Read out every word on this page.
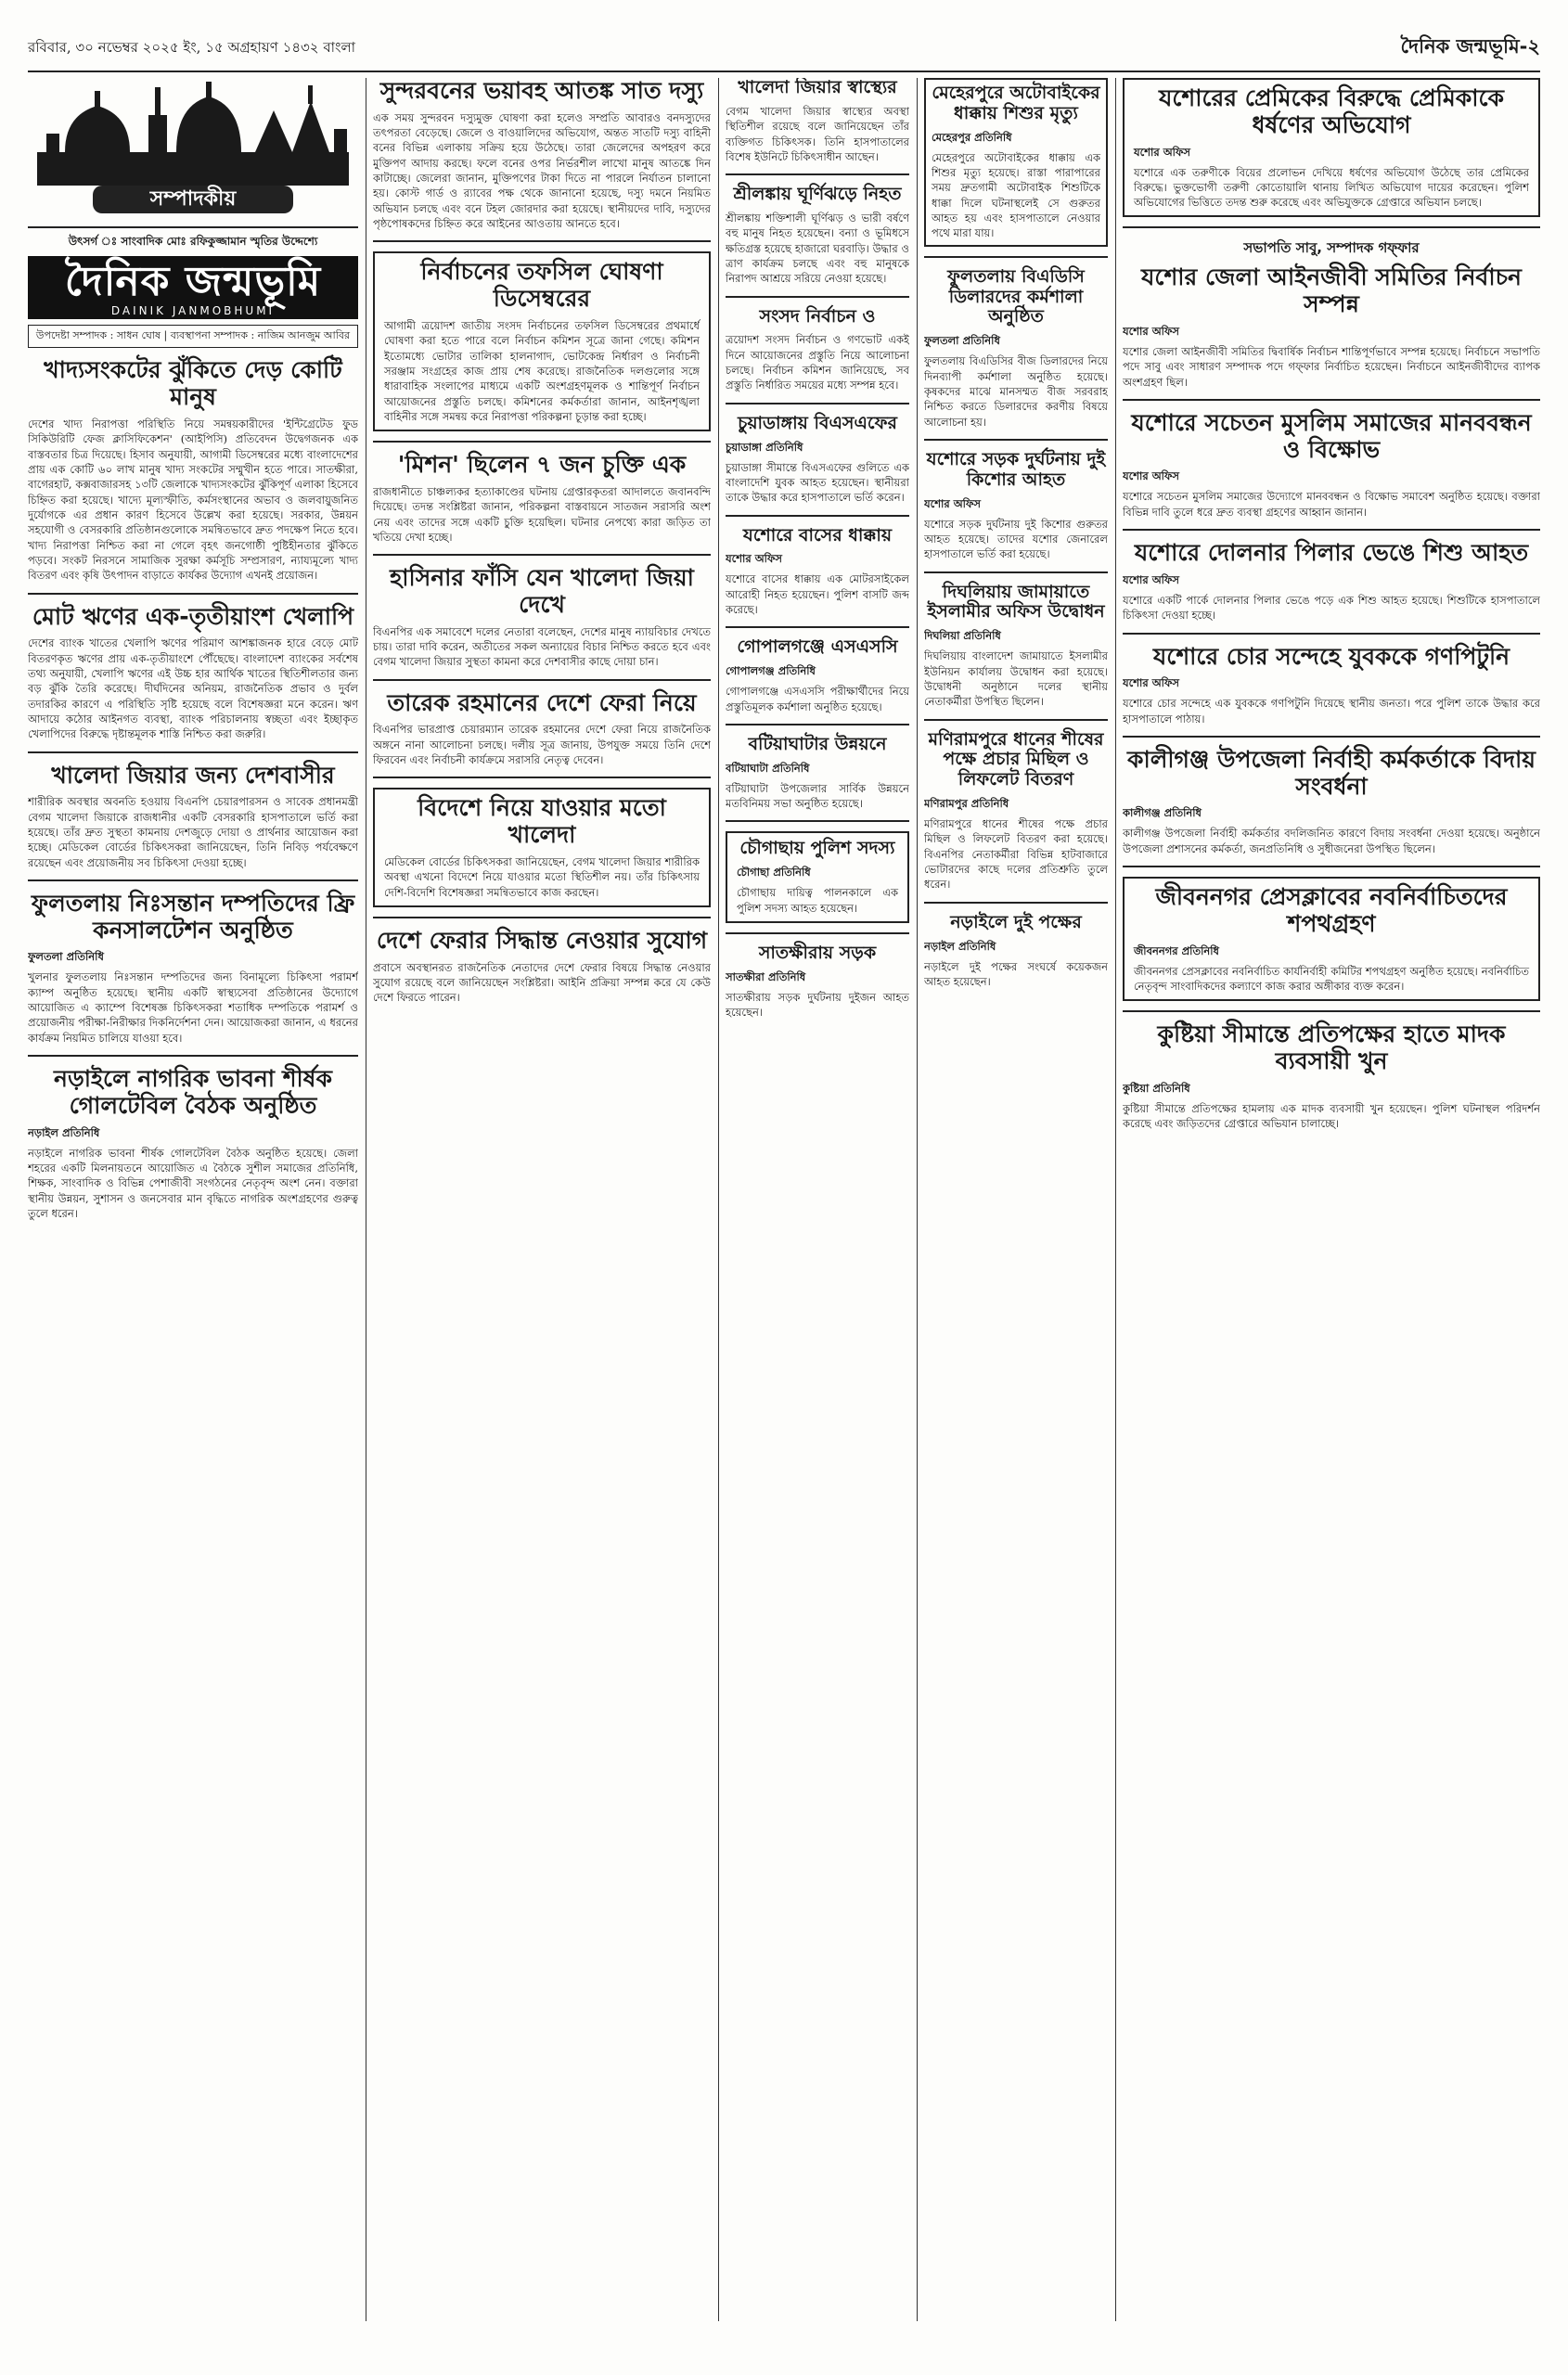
রবিবার, ৩০ নভেম্বর ২০২৫ ইং, ১৫ অগ্রহায়ণ ১৪৩২ বাংলা	দৈনিক জন্মভূমি-২
সম্পাদকীয়
উৎসর্গ ঃ সাংবাদিক মোঃ রফিকুজ্জামান স্মৃতির উদ্দেশ্যে
দৈনিক জন্মভূমি
DAINIK JANMOBHUMI
উপদেষ্টা সম্পাদক : সাধন ঘোষ | ব্যবস্থাপনা সম্পাদক : নাজিম আনজুম আবির
খাদ্যসংকটের ঝুঁকিতে দেড় কোটি মানুষ

দেশের খাদ্য নিরাপত্তা পরিস্থিতি নিয়ে সমন্বয়কারীদের 'ইন্টিগ্রেটেড ফুড সিকিউরিটি ফেজ ক্লাসিফিকেশন' (আইপিসি) প্রতিবেদন উদ্বেগজনক এক বাস্তবতার চিত্র দিয়েছে। হিসাব অনুযায়ী, আগামী ডিসেম্বরের মধ্যে বাংলাদেশের প্রায় এক কোটি ৬০ লাখ মানুষ খাদ্য সংকটের সম্মুখীন হতে পারে। সাতক্ষীরা, বাগেরহাট, কক্সবাজারসহ ১৩টি জেলাকে খাদ্যসংকটের ঝুঁকিপূর্ণ এলাকা হিসেবে চিহ্নিত করা হয়েছে। খাদ্যে মূল্যস্ফীতি, কর্মসংস্থানের অভাব ও জলবায়ুজনিত দুর্যোগকে এর প্রধান কারণ হিসেবে উল্লেখ করা হয়েছে। সরকার, উন্নয়ন সহযোগী ও বেসরকারি প্রতিষ্ঠানগুলোকে সমন্বিতভাবে দ্রুত পদক্ষেপ নিতে হবে। খাদ্য নিরাপত্তা নিশ্চিত করা না গেলে বৃহৎ জনগোষ্ঠী পুষ্টিহীনতার ঝুঁকিতে পড়বে। সংকট নিরসনে সামাজিক সুরক্ষা কর্মসূচি সম্প্রসারণ, ন্যায্যমূল্যে খাদ্য বিতরণ এবং কৃষি উৎপাদন বাড়াতে কার্যকর উদ্যোগ এখনই প্রয়োজন।

মোট ঋণের এক-তৃতীয়াংশ খেলাপি

দেশের ব্যাংক খাতের খেলাপি ঋণের পরিমাণ আশঙ্কাজনক হারে বেড়ে মোট বিতরণকৃত ঋণের প্রায় এক-তৃতীয়াংশে পৌঁছেছে। বাংলাদেশ ব্যাংকের সর্বশেষ তথ্য অনুযায়ী, খেলাপি ঋণের এই উচ্চ হার আর্থিক খাতের স্থিতিশীলতার জন্য বড় ঝুঁকি তৈরি করেছে। দীর্ঘদিনের অনিয়ম, রাজনৈতিক প্রভাব ও দুর্বল তদারকির কারণে এ পরিস্থিতি সৃষ্টি হয়েছে বলে বিশেষজ্ঞরা মনে করেন। ঋণ আদায়ে কঠোর আইনগত ব্যবস্থা, ব্যাংক পরিচালনায় স্বচ্ছতা এবং ইচ্ছাকৃত খেলাপিদের বিরুদ্ধে দৃষ্টান্তমূলক শাস্তি নিশ্চিত করা জরুরি।

খালেদা জিয়ার জন্য দেশবাসীর

শারীরিক অবস্থার অবনতি হওয়ায় বিএনপি চেয়ারপারসন ও সাবেক প্রধানমন্ত্রী বেগম খালেদা জিয়াকে রাজধানীর একটি বেসরকারি হাসপাতালে ভর্তি করা হয়েছে। তাঁর দ্রুত সুস্থতা কামনায় দেশজুড়ে দোয়া ও প্রার্থনার আয়োজন করা হচ্ছে। মেডিকেল বোর্ডের চিকিৎসকরা জানিয়েছেন, তিনি নিবিড় পর্যবেক্ষণে রয়েছেন এবং প্রয়োজনীয় সব চিকিৎসা দেওয়া হচ্ছে।

ফুলতলায় নিঃসন্তান দম্পতিদের ফ্রি কনসালটেশন অনুষ্ঠিত

ফুলতলা প্রতিনিধি

খুলনার ফুলতলায় নিঃসন্তান দম্পতিদের জন্য বিনামূল্যে চিকিৎসা পরামর্শ ক্যাম্প অনুষ্ঠিত হয়েছে। স্থানীয় একটি স্বাস্থ্যসেবা প্রতিষ্ঠানের উদ্যোগে আয়োজিত এ ক্যাম্পে বিশেষজ্ঞ চিকিৎসকরা শতাধিক দম্পতিকে পরামর্শ ও প্রয়োজনীয় পরীক্ষা-নিরীক্ষার দিকনির্দেশনা দেন। আয়োজকরা জানান, এ ধরনের কার্যক্রম নিয়মিত চালিয়ে যাওয়া হবে।

নড়াইলে নাগরিক ভাবনা শীর্ষক গোলটেবিল বৈঠক অনুষ্ঠিত

নড়াইল প্রতিনিধি

নড়াইলে নাগরিক ভাবনা শীর্ষক গোলটেবিল বৈঠক অনুষ্ঠিত হয়েছে। জেলা শহরের একটি মিলনায়তনে আয়োজিত এ বৈঠকে সুশীল সমাজের প্রতিনিধি, শিক্ষক, সাংবাদিক ও বিভিন্ন পেশাজীবী সংগঠনের নেতৃবৃন্দ অংশ নেন। বক্তারা স্থানীয় উন্নয়ন, সুশাসন ও জনসেবার মান বৃদ্ধিতে নাগরিক অংশগ্রহণের গুরুত্ব তুলে ধরেন।

সুন্দরবনের ভয়াবহ আতঙ্ক সাত দস্যু

এক সময় সুন্দরবন দস্যুমুক্ত ঘোষণা করা হলেও সম্প্রতি আবারও বনদস্যুদের তৎপরতা বেড়েছে। জেলে ও বাওয়ালিদের অভিযোগ, অন্তত সাতটি দস্যু বাহিনী বনের বিভিন্ন এলাকায় সক্রিয় হয়ে উঠেছে। তারা জেলেদের অপহরণ করে মুক্তিপণ আদায় করছে। ফলে বনের ওপর নির্ভরশীল লাখো মানুষ আতঙ্কে দিন কাটাচ্ছে। জেলেরা জানান, মুক্তিপণের টাকা দিতে না পারলে নির্যাতন চালানো হয়। কোস্ট গার্ড ও র‍্যাবের পক্ষ থেকে জানানো হয়েছে, দস্যু দমনে নিয়মিত অভিযান চলছে এবং বনে টহল জোরদার করা হয়েছে। স্থানীয়দের দাবি, দস্যুদের পৃষ্ঠপোষকদের চিহ্নিত করে আইনের আওতায় আনতে হবে।

নির্বাচনের তফসিল ঘোষণা ডিসেম্বরের

আগামী ত্রয়োদশ জাতীয় সংসদ নির্বাচনের তফসিল ডিসেম্বরের প্রথমার্ধে ঘোষণা করা হতে পারে বলে নির্বাচন কমিশন সূত্রে জানা গেছে। কমিশন ইতোমধ্যে ভোটার তালিকা হালনাগাদ, ভোটকেন্দ্র নির্ধারণ ও নির্বাচনী সরঞ্জাম সংগ্রহের কাজ প্রায় শেষ করেছে। রাজনৈতিক দলগুলোর সঙ্গে ধারাবাহিক সংলাপের মাধ্যমে একটি অংশগ্রহণমূলক ও শান্তিপূর্ণ নির্বাচন আয়োজনের প্রস্তুতি চলছে। কমিশনের কর্মকর্তারা জানান, আইনশৃঙ্খলা বাহিনীর সঙ্গে সমন্বয় করে নিরাপত্তা পরিকল্পনা চূড়ান্ত করা হচ্ছে।

'মিশন' ছিলেন ৭ জন চুক্তি এক

রাজধানীতে চাঞ্চল্যকর হত্যাকাণ্ডের ঘটনায় গ্রেপ্তারকৃতরা আদালতে জবানবন্দি দিয়েছে। তদন্ত সংশ্লিষ্টরা জানান, পরিকল্পনা বাস্তবায়নে সাতজন সরাসরি অংশ নেয় এবং তাদের সঙ্গে একটি চুক্তি হয়েছিল। ঘটনার নেপথ্যে কারা জড়িত তা খতিয়ে দেখা হচ্ছে।

হাসিনার ফাঁসি যেন খালেদা জিয়া দেখে

বিএনপির এক সমাবেশে দলের নেতারা বলেছেন, দেশের মানুষ ন্যায়বিচার দেখতে চায়। তারা দাবি করেন, অতীতের সকল অন্যায়ের বিচার নিশ্চিত করতে হবে এবং বেগম খালেদা জিয়ার সুস্থতা কামনা করে দেশবাসীর কাছে দোয়া চান।

তারেক রহমানের দেশে ফেরা নিয়ে

বিএনপির ভারপ্রাপ্ত চেয়ারম্যান তারেক রহমানের দেশে ফেরা নিয়ে রাজনৈতিক অঙ্গনে নানা আলোচনা চলছে। দলীয় সূত্র জানায়, উপযুক্ত সময়ে তিনি দেশে ফিরবেন এবং নির্বাচনী কার্যক্রমে সরাসরি নেতৃত্ব দেবেন।

বিদেশে নিয়ে যাওয়ার মতো খালেদা

মেডিকেল বোর্ডের চিকিৎসকরা জানিয়েছেন, বেগম খালেদা জিয়ার শারীরিক অবস্থা এখনো বিদেশে নিয়ে যাওয়ার মতো স্থিতিশীল নয়। তাঁর চিকিৎসায় দেশি-বিদেশি বিশেষজ্ঞরা সমন্বিতভাবে কাজ করছেন।

দেশে ফেরার সিদ্ধান্ত নেওয়ার সুযোগ

প্রবাসে অবস্থানরত রাজনৈতিক নেতাদের দেশে ফেরার বিষয়ে সিদ্ধান্ত নেওয়ার সুযোগ রয়েছে বলে জানিয়েছেন সংশ্লিষ্টরা। আইনি প্রক্রিয়া সম্পন্ন করে যে কেউ দেশে ফিরতে পারেন।

খালেদা জিয়ার স্বাস্থ্যের

বেগম খালেদা জিয়ার স্বাস্থ্যের অবস্থা স্থিতিশীল রয়েছে বলে জানিয়েছেন তাঁর ব্যক্তিগত চিকিৎসক। তিনি হাসপাতালের বিশেষ ইউনিটে চিকিৎসাধীন আছেন।

শ্রীলঙ্কায় ঘূর্ণিঝড়ে নিহত

শ্রীলঙ্কায় শক্তিশালী ঘূর্ণিঝড় ও ভারী বর্ষণে বহু মানুষ নিহত হয়েছেন। বন্যা ও ভূমিধসে ক্ষতিগ্রস্ত হয়েছে হাজারো ঘরবাড়ি। উদ্ধার ও ত্রাণ কার্যক্রম চলছে এবং বহু মানুষকে নিরাপদ আশ্রয়ে সরিয়ে নেওয়া হয়েছে।

সংসদ নির্বাচন ও

ত্রয়োদশ সংসদ নির্বাচন ও গণভোট একই দিনে আয়োজনের প্রস্তুতি নিয়ে আলোচনা চলছে। নির্বাচন কমিশন জানিয়েছে, সব প্রস্তুতি নির্ধারিত সময়ের মধ্যে সম্পন্ন হবে।

চুয়াডাঙ্গায় বিএসএফের

চুয়াডাঙ্গা প্রতিনিধি

চুয়াডাঙ্গা সীমান্তে বিএসএফের গুলিতে এক বাংলাদেশি যুবক আহত হয়েছেন। স্থানীয়রা তাকে উদ্ধার করে হাসপাতালে ভর্তি করেন।

যশোরে বাসের ধাক্কায়

যশোর অফিস

যশোরে বাসের ধাক্কায় এক মোটরসাইকেল আরোহী নিহত হয়েছেন। পুলিশ বাসটি জব্দ করেছে।

গোপালগঞ্জে এসএসসি

গোপালগঞ্জ প্রতিনিধি

গোপালগঞ্জে এসএসসি পরীক্ষার্থীদের নিয়ে প্রস্তুতিমূলক কর্মশালা অনুষ্ঠিত হয়েছে।

বটিয়াঘাটার উন্নয়নে

বটিয়াঘাটা প্রতিনিধি

বটিয়াঘাটা উপজেলার সার্বিক উন্নয়নে মতবিনিময় সভা অনুষ্ঠিত হয়েছে।

চৌগাছায় পুলিশ সদস্য

চৌগাছা প্রতিনিধি

চৌগাছায় দায়িত্ব পালনকালে এক পুলিশ সদস্য আহত হয়েছেন।

সাতক্ষীরায় সড়ক

সাতক্ষীরা প্রতিনিধি

সাতক্ষীরায় সড়ক দুর্ঘটনায় দুইজন আহত হয়েছেন।

মেহেরপুরে অটোবাইকের ধাক্কায় শিশুর মৃত্যু

মেহেরপুর প্রতিনিধি

মেহেরপুরে অটোবাইকের ধাক্কায় এক শিশুর মৃত্যু হয়েছে। রাস্তা পারাপারের সময় দ্রুতগামী অটোবাইক শিশুটিকে ধাক্কা দিলে ঘটনাস্থলেই সে গুরুতর আহত হয় এবং হাসপাতালে নেওয়ার পথে মারা যায়।

ফুলতলায় বিএডিসি ডিলারদের কর্মশালা অনুষ্ঠিত

ফুলতলা প্রতিনিধি

ফুলতলায় বিএডিসির বীজ ডিলারদের নিয়ে দিনব্যাপী কর্মশালা অনুষ্ঠিত হয়েছে। কৃষকদের মাঝে মানসম্মত বীজ সরবরাহ নিশ্চিত করতে ডিলারদের করণীয় বিষয়ে আলোচনা হয়।

যশোরে সড়ক দুর্ঘটনায় দুই কিশোর আহত

যশোর অফিস

যশোরে সড়ক দুর্ঘটনায় দুই কিশোর গুরুতর আহত হয়েছে। তাদের যশোর জেনারেল হাসপাতালে ভর্তি করা হয়েছে।

দিঘলিয়ায় জামায়াতে ইসলামীর অফিস উদ্বোধন

দিঘলিয়া প্রতিনিধি

দিঘলিয়ায় বাংলাদেশ জামায়াতে ইসলামীর ইউনিয়ন কার্যালয় উদ্বোধন করা হয়েছে। উদ্বোধনী অনুষ্ঠানে দলের স্থানীয় নেতাকর্মীরা উপস্থিত ছিলেন।

মণিরামপুরে ধানের শীষের পক্ষে প্রচার মিছিল ও লিফলেট বিতরণ

মণিরামপুর প্রতিনিধি

মণিরামপুরে ধানের শীষের পক্ষে প্রচার মিছিল ও লিফলেট বিতরণ করা হয়েছে। বিএনপির নেতাকর্মীরা বিভিন্ন হাটবাজারে ভোটারদের কাছে দলের প্রতিশ্রুতি তুলে ধরেন।

নড়াইলে দুই পক্ষের

নড়াইল প্রতিনিধি

নড়াইলে দুই পক্ষের সংঘর্ষে কয়েকজন আহত হয়েছেন।

যশোরের প্রেমিকের বিরুদ্ধে প্রেমিকাকে ধর্ষণের অভিযোগ

যশোর অফিস

যশোরে এক তরুণীকে বিয়ের প্রলোভন দেখিয়ে ধর্ষণের অভিযোগ উঠেছে তার প্রেমিকের বিরুদ্ধে। ভুক্তভোগী তরুণী কোতোয়ালি থানায় লিখিত অভিযোগ দায়ের করেছেন। পুলিশ অভিযোগের ভিত্তিতে তদন্ত শুরু করেছে এবং অভিযুক্তকে গ্রেপ্তারে অভিযান চলছে।

সভাপতি সাবু, সম্পাদক গফ্ফার

যশোর জেলা আইনজীবী সমিতির নির্বাচন সম্পন্ন

যশোর অফিস

যশোর জেলা আইনজীবী সমিতির দ্বিবার্ষিক নির্বাচন শান্তিপূর্ণভাবে সম্পন্ন হয়েছে। নির্বাচনে সভাপতি পদে সাবু এবং সাধারণ সম্পাদক পদে গফ্ফার নির্বাচিত হয়েছেন। নির্বাচনে আইনজীবীদের ব্যাপক অংশগ্রহণ ছিল।

যশোরে সচেতন মুসলিম সমাজের মানববন্ধন ও বিক্ষোভ

যশোর অফিস

যশোরে সচেতন মুসলিম সমাজের উদ্যোগে মানববন্ধন ও বিক্ষোভ সমাবেশ অনুষ্ঠিত হয়েছে। বক্তারা বিভিন্ন দাবি তুলে ধরে দ্রুত ব্যবস্থা গ্রহণের আহ্বান জানান।

যশোরে দোলনার পিলার ভেঙে শিশু আহত

যশোর অফিস

যশোরে একটি পার্কে দোলনার পিলার ভেঙে পড়ে এক শিশু আহত হয়েছে। শিশুটিকে হাসপাতালে চিকিৎসা দেওয়া হচ্ছে।

যশোরে চোর সন্দেহে যুবককে গণপিটুনি

যশোর অফিস

যশোরে চোর সন্দেহে এক যুবককে গণপিটুনি দিয়েছে স্থানীয় জনতা। পরে পুলিশ তাকে উদ্ধার করে হাসপাতালে পাঠায়।

কালীগঞ্জ উপজেলা নির্বাহী কর্মকর্তাকে বিদায় সংবর্ধনা

কালীগঞ্জ প্রতিনিধি

কালীগঞ্জ উপজেলা নির্বাহী কর্মকর্তার বদলিজনিত কারণে বিদায় সংবর্ধনা দেওয়া হয়েছে। অনুষ্ঠানে উপজেলা প্রশাসনের কর্মকর্তা, জনপ্রতিনিধি ও সুধীজনেরা উপস্থিত ছিলেন।

জীবননগর প্রেসক্লাবের নবনির্বাচিতদের শপথগ্রহণ

জীবননগর প্রতিনিধি

জীবননগর প্রেসক্লাবের নবনির্বাচিত কার্যনির্বাহী কমিটির শপথগ্রহণ অনুষ্ঠিত হয়েছে। নবনির্বাচিত নেতৃবৃন্দ সাংবাদিকদের কল্যাণে কাজ করার অঙ্গীকার ব্যক্ত করেন।

কুষ্টিয়া সীমান্তে প্রতিপক্ষের হাতে মাদক ব্যবসায়ী খুন

কুষ্টিয়া প্রতিনিধি

কুষ্টিয়া সীমান্তে প্রতিপক্ষের হামলায় এক মাদক ব্যবসায়ী খুন হয়েছেন। পুলিশ ঘটনাস্থল পরিদর্শন করেছে এবং জড়িতদের গ্রেপ্তারে অভিযান চালাচ্ছে।
